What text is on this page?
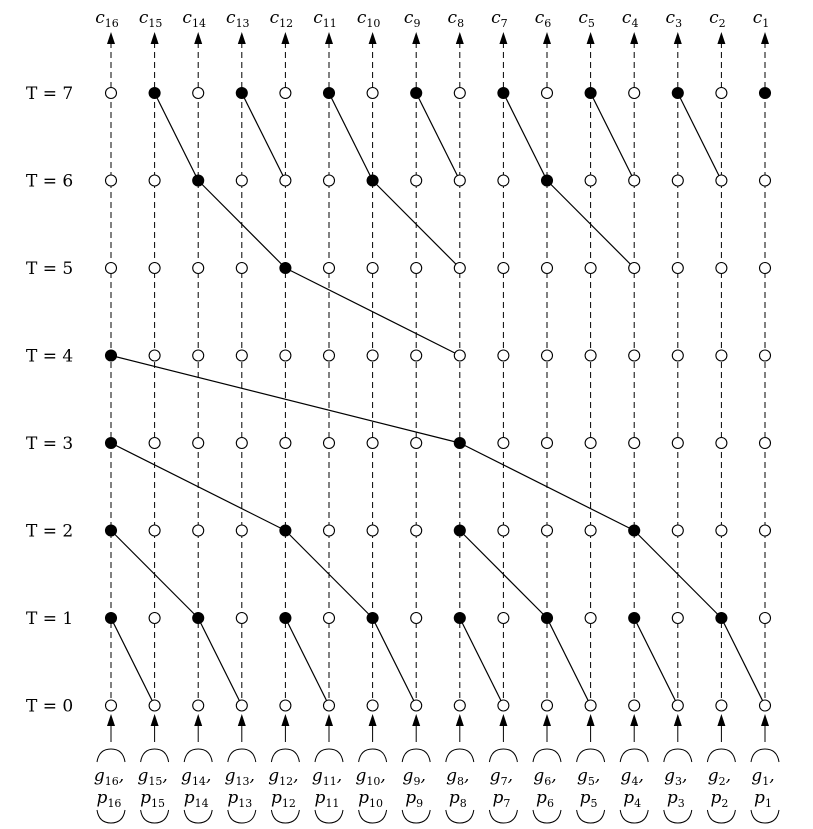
T = 7
T = 6
T = 5
T = 4
T = 3
T = 2
T = 1
T = 0
$c_{16}$ $c_{15}$ $c_{14}$ $c_{13}$ $c_{12}$ $c_{11}$ $c_{10}$ $c_9$ $c_8$ $c_7$ $c_6$ $c_5$ $c_4$ $c_3$ $c_2$ $c_1$
$g_{16}$,
$p_{16}$
$g_{15}$,
$p_{15}$
$g_{14}$,
$p_{14}$
$g_{13}$,
$p_{13}$
$g_{12}$,
$p_{12}$
$g_{11}$,
$p_{11}$
$g_{10}$,
$p_{10}$
$g_9$,
$p_9$
$g_8$,
$p_8$
$g_7$,
$p_7$
$g_6$,
$p_6$
$g_5$,
$p_5$
$g_4$,
$p_4$
$g_3$,
$p_3$
$g_2$,
$p_2$
$g_1$,
$p_1$
